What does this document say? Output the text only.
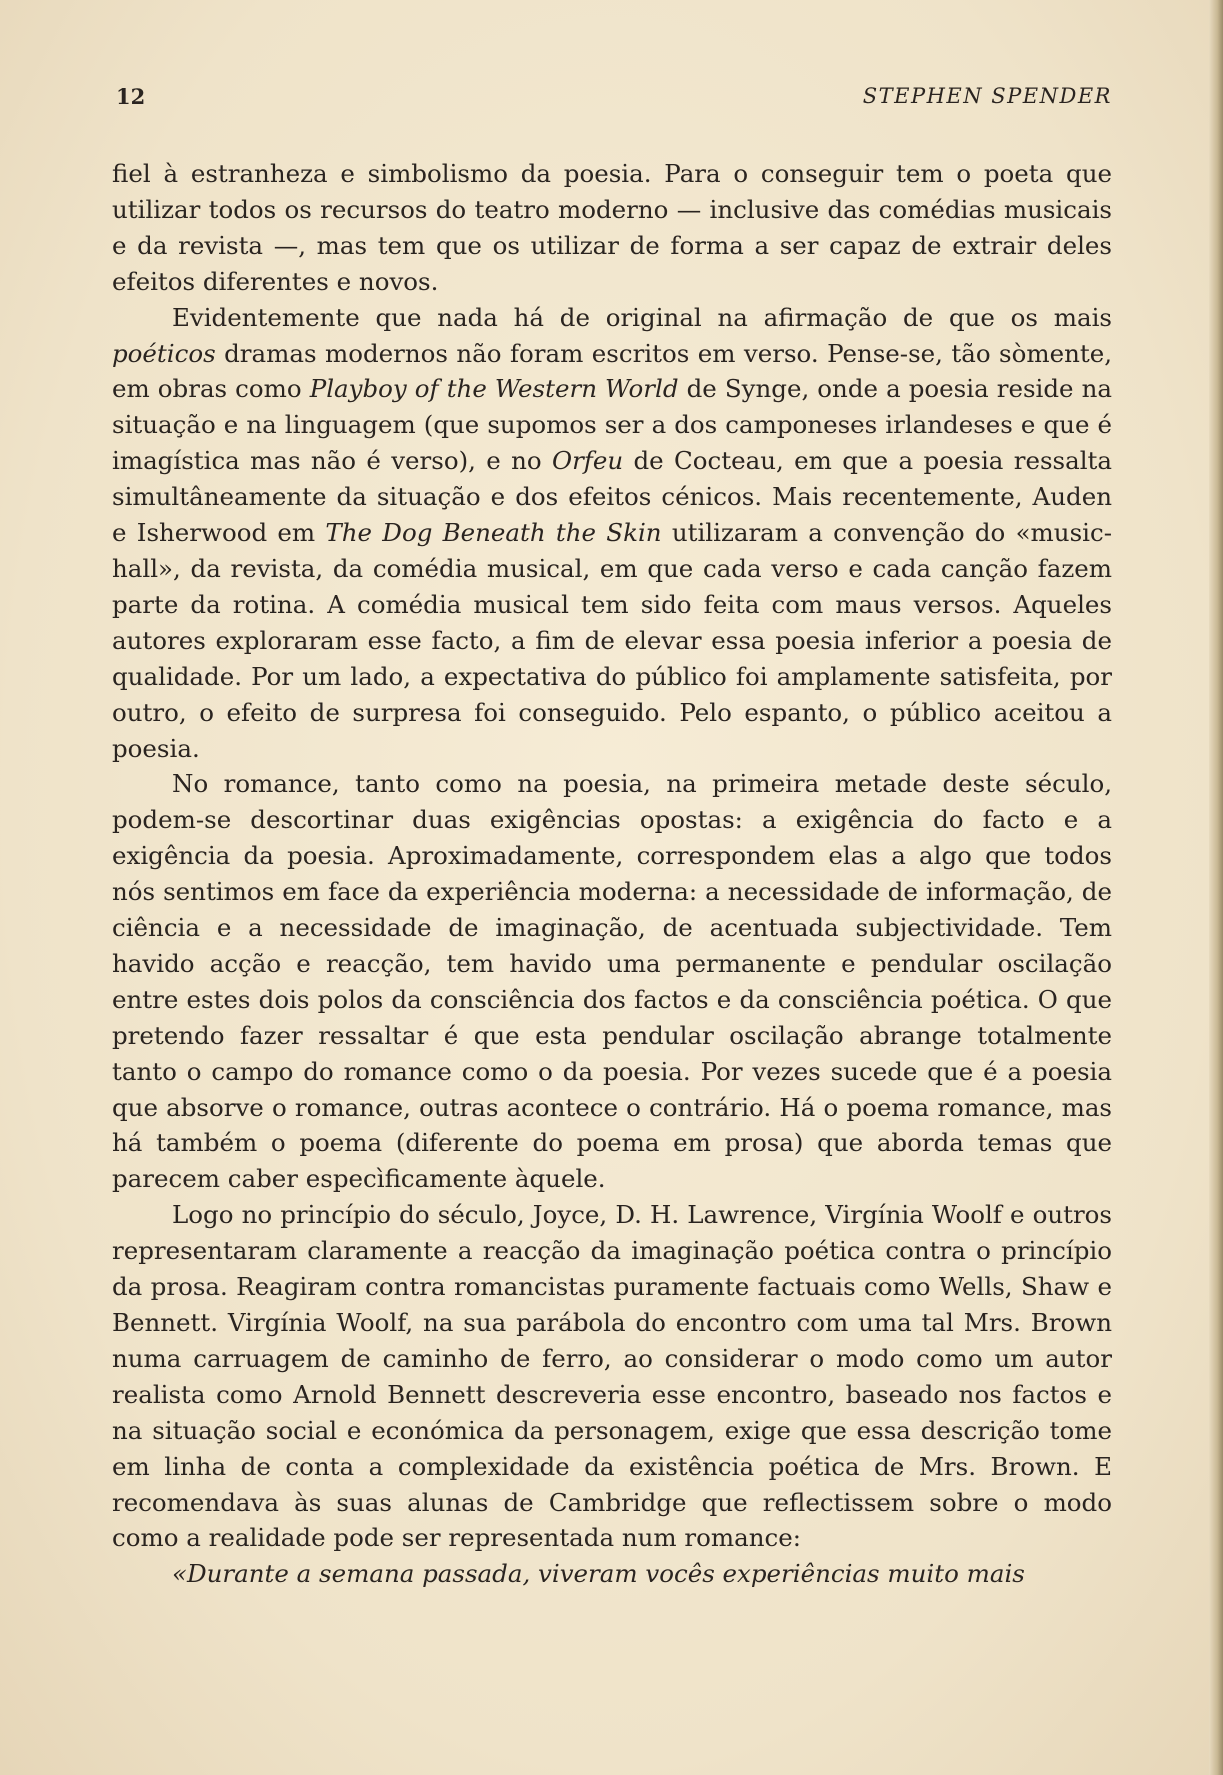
12	STEPHEN SPENDER

fiel à estranheza e simbolismo da poesia. Para o conseguir tem o poeta que utilizar todos os recursos do teatro moderno — inclusive das comédias musicais e da revista —, mas tem que os utilizar de forma a ser capaz de extrair deles efeitos diferentes e novos.

Evidentemente que nada há de original na afirmação de que os mais poéticos dramas modernos não foram escritos em verso. Pense-se, tão sòmente, em obras como Playboy of the Western World de Synge, onde a poesia reside na situação e na linguagem (que supomos ser a dos camponeses irlandeses e que é imagística mas não é verso), e no Orfeu de Cocteau, em que a poesia ressalta simultâneamente da situação e dos efeitos cénicos. Mais recentemente, Auden e Isherwood em The Dog Beneath the Skin utilizaram a convenção do «music-hall», da revista, da comédia musical, em que cada verso e cada canção fazem parte da rotina. A comédia musical tem sido feita com maus versos. Aqueles autores exploraram esse facto, a fim de elevar essa poesia inferior a poesia de qualidade. Por um lado, a expectativa do público foi amplamente satisfeita, por outro, o efeito de surpresa foi conseguido. Pelo espanto, o público aceitou a poesia.

No romance, tanto como na poesia, na primeira metade deste século, podem-se descortinar duas exigências opostas: a exigência do facto e a exigência da poesia. Aproximadamente, correspondem elas a algo que todos nós sentimos em face da experiência moderna: a necessidade de informação, de ciência e a necessidade de imaginação, de acentuada subjectividade. Tem havido acção e reacção, tem havido uma permanente e pendular oscilação entre estes dois polos da consciência dos factos e da consciência poética. O que pretendo fazer ressaltar é que esta pendular oscilação abrange totalmente tanto o campo do romance como o da poesia. Por vezes sucede que é a poesia que absorve o romance, outras acontece o contrário. Há o poema romance, mas há também o poema (diferente do poema em prosa) que aborda temas que parecem caber especìficamente àquele.

Logo no princípio do século, Joyce, D. H. Lawrence, Virgínia Woolf e outros representaram claramente a reacção da imaginação poética contra o princípio da prosa. Reagiram contra romancistas puramente factuais como Wells, Shaw e Bennett. Virgínia Woolf, na sua parábola do encontro com uma tal Mrs. Brown numa carruagem de caminho de ferro, ao considerar o modo como um autor realista como Arnold Bennett descreveria esse encontro, baseado nos factos e na situação social e económica da personagem, exige que essa descrição tome em linha de conta a complexidade da existência poética de Mrs. Brown. E recomendava às suas alunas de Cambridge que reflectissem sobre o modo como a realidade pode ser representada num romance:

«Durante a semana passada, viveram vocês experiências muito mais
